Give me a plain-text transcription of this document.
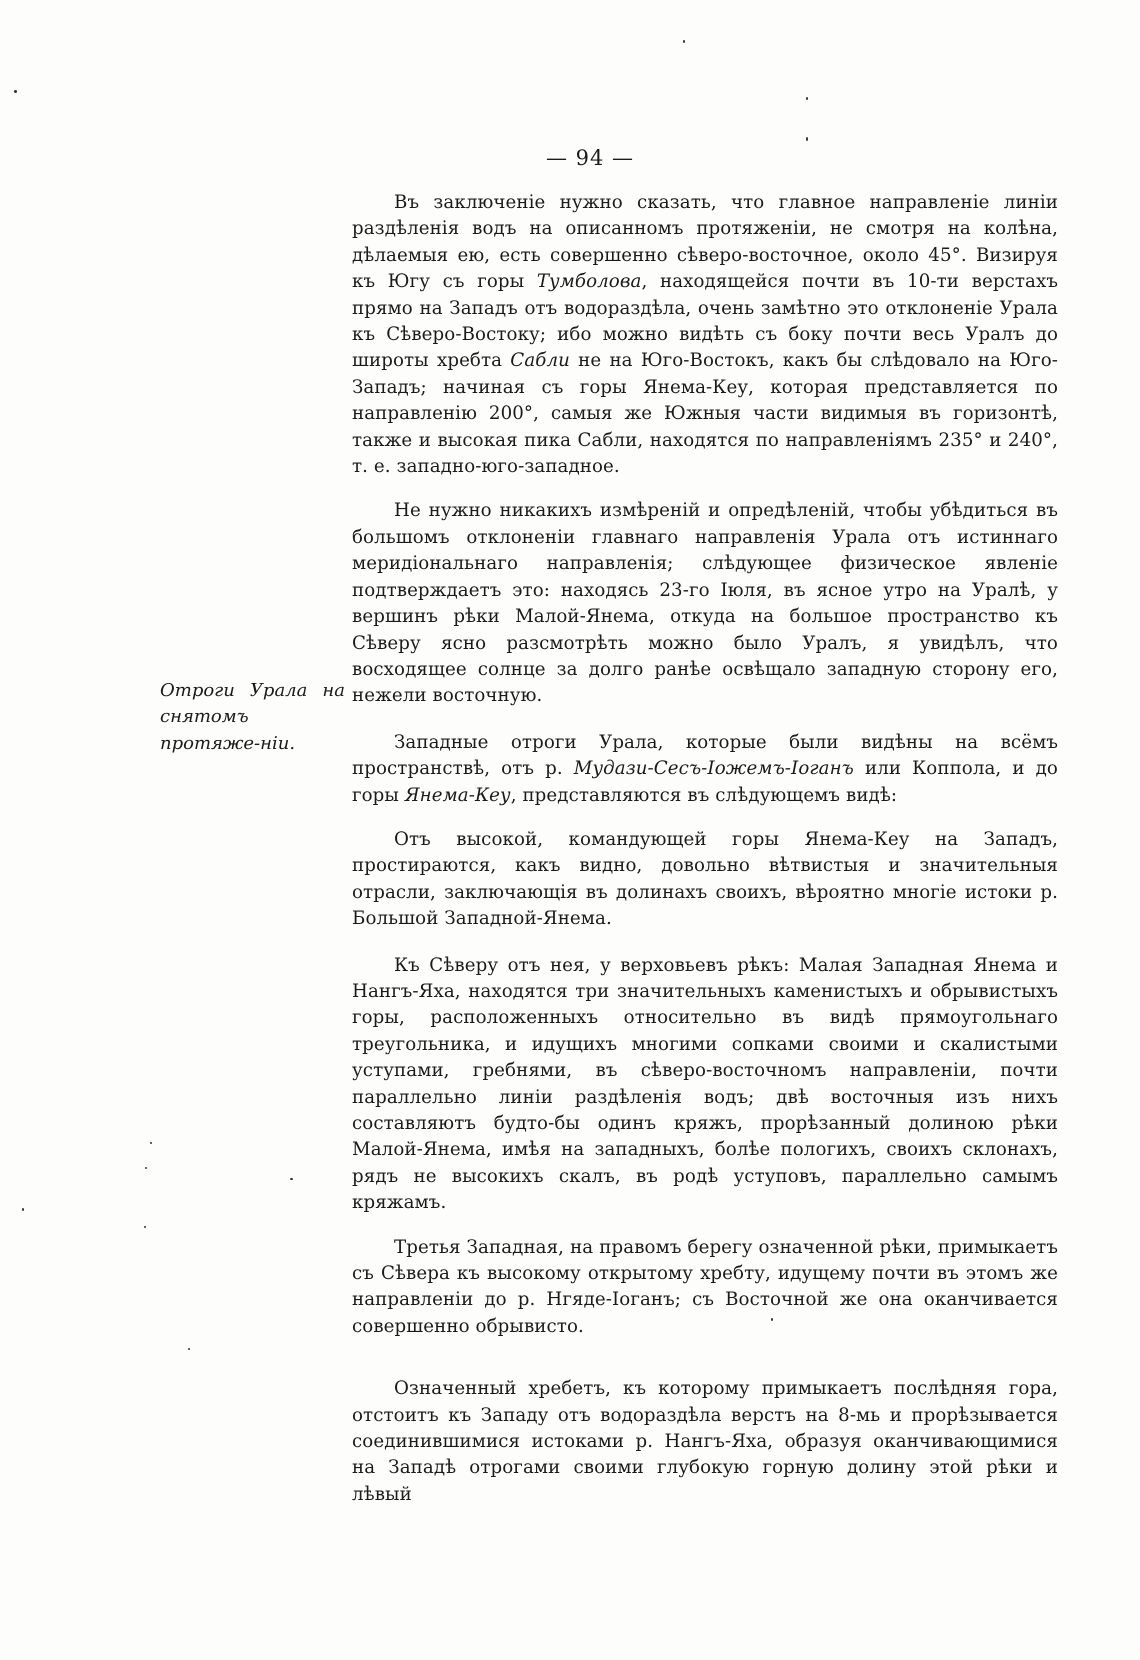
— 94 —
Отроги Урала на снятомъ протяже-нiи.

Въ заключенiе нужно сказать, что главное направленiе линiи раздѣленiя водъ на описанномъ протяженiи, не смотря на колѣна, дѣлаемыя ею, есть совершенно сѣверо-восточное, около 45°. Визируя къ Югу съ горы Тумболова, находящейся почти въ 10-ти верстахъ прямо на Западъ отъ водораздѣла, очень замѣтно это отклоненiе Урала къ Сѣверо-Востоку; ибо можно видѣть съ боку почти весь Уралъ до широты хребта Сабли не на Юго-Востокъ, какъ бы слѣдовало на Юго-Западъ; начиная съ горы Янема-Кеу, которая представляется по направленiю 200°, самыя же Южныя части видимыя въ горизонтѣ, также и высокая пика Сабли, находятся по направленiямъ 235° и 240°, т. е. западно-юго-западное.

Не нужно никакихъ измѣренiй и опредѣленiй, чтобы убѣдиться въ большомъ отклоненiи главнаго направленiя Урала отъ истиннаго меридiональнаго направленiя; слѣдующее физическое явленiе подтверждаетъ это: находясь 23-го Iюля, въ ясное утро на Уралѣ, у вершинъ рѣки Малой-Янема, откуда на большое пространство къ Сѣверу ясно разсмотрѣть можно было Уралъ, я увидѣлъ, что восходящее солнце за долго ранѣе освѣщало западную сторону его, нежели восточную.

Западные отроги Урала, которые были видѣны на всёмъ пространствѣ, отъ р. Мудази-Сесъ-Iожемъ-Iоганъ или Коппола, и до горы Янема-Кеу, представляются въ слѣдующемъ видѣ:

Отъ высокой, командующей горы Янема-Кеу на Западъ, простираются, какъ видно, довольно вѣтвистыя и значительныя отрасли, заключающiя въ долинахъ своихъ, вѣроятно многiе истоки р. Большой Западной-Янема.

Къ Сѣверу отъ нея, у верховьевъ рѣкъ: Малая Западная Янема и Нангъ-Яха, находятся три значительныхъ каменистыхъ и обрывистыхъ горы, расположенныхъ относительно въ видѣ прямоугольнаго треугольника, и идущихъ многими сопками своими и скалистыми уступами, гребнями, въ сѣверо-восточномъ направленiи, почти параллельно линiи раздѣленiя водъ; двѣ восточныя изъ нихъ составляютъ будто-бы одинъ кряжъ, прорѣзанный долиною рѣки Малой-Янема, имѣя на западныхъ, болѣе пологихъ, своихъ склонахъ, рядъ не высокихъ скалъ, въ родѣ уступовъ, параллельно самымъ кряжамъ.

Третья Западная, на правомъ берегу означенной рѣки, примыкаетъ съ Сѣвера къ высокому открытому хребту, идущему почти въ этомъ же направленiи до р. Нгяде-Iоганъ; съ Восточной же она оканчивается совершенно обрывисто.

Означенный хребетъ, къ которому примыкаетъ послѣдняя гора, отстоитъ къ Западу отъ водораздѣла верстъ на 8-мь и прорѣзывается соединившимися истоками р. Нангъ-Яха, образуя оканчивающимися на Западѣ отрогами своими глубокую горную долину этой рѣки и лѣвый
